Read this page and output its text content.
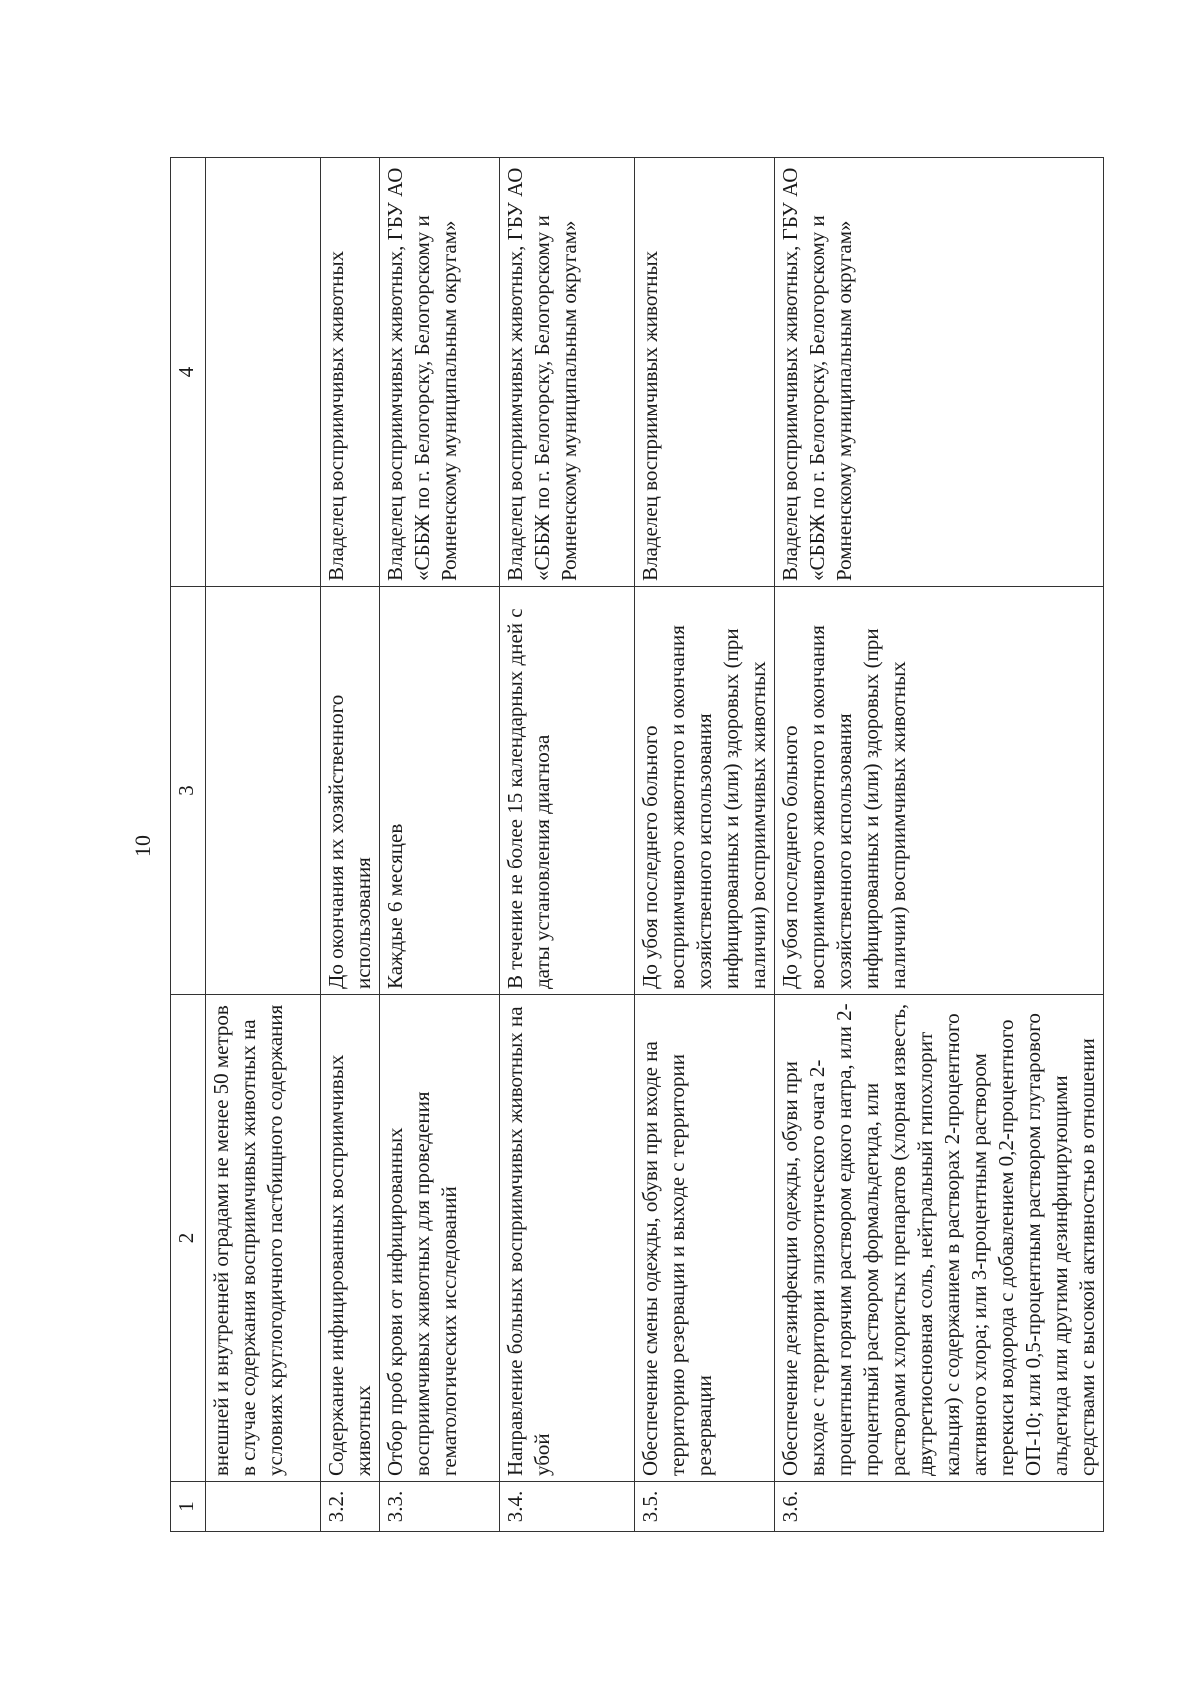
10
1	2	3	4
	внешней и внутренней оградами не менее 50 метров в случае содержания восприимчивых животных на условиях круглогодичного пастбищного содержания		
3.2.	Содержание инфицированных восприимчивых животных	До окончания их хозяйственного использования	Владелец восприимчивых животных
3.3.	Отбор проб крови от инфицированных восприимчивых животных для проведения гематологических исследований	Каждые 6 месяцев	Владелец восприимчивых животных, ГБУ АО «СББЖ по г. Белогорску, Белогорскому и Ромненскому муниципальным округам»
3.4.	Направление больных восприимчивых животных на убой	В течение не более 15 календарных дней с даты установления диагноза	Владелец восприимчивых животных, ГБУ АО «СББЖ по г. Белогорску, Белогорскому и Ромненскому муниципальным округам»
3.5.	Обеспечение смены одежды, обуви при входе на территорию резервации и выходе с территории резервации	До убоя последнего больного восприимчивого животного и окончания хозяйственного использования инфицированных и (или) здоровых (при наличии) восприимчивых животных	Владелец восприимчивых животных
3.6.	Обеспечение дезинфекции одежды, обуви при выходе с территории эпизоотического очага 2-процентным горячим раствором едкого натра, или 2-процентный раствором формальдегида, или растворами хлористых препаратов (хлорная известь, двутретиосновная соль, нейтральный гипохлорит кальция) с содержанием в растворах 2-процентного активного хлора; или 3-процентным раствором перекиси водорода с добавлением 0,2-процентного ОП-10; или 0,5-процентным раствором глутарового альдегида или другими дезинфицирующими средствами с высокой активностью в отношении	До убоя последнего больного восприимчивого животного и окончания хозяйственного использования инфицированных и (или) здоровых (при наличии) восприимчивых животных	Владелец восприимчивых животных, ГБУ АО «СББЖ по г. Белогорску, Белогорскому и Ромненскому муниципальным округам»
